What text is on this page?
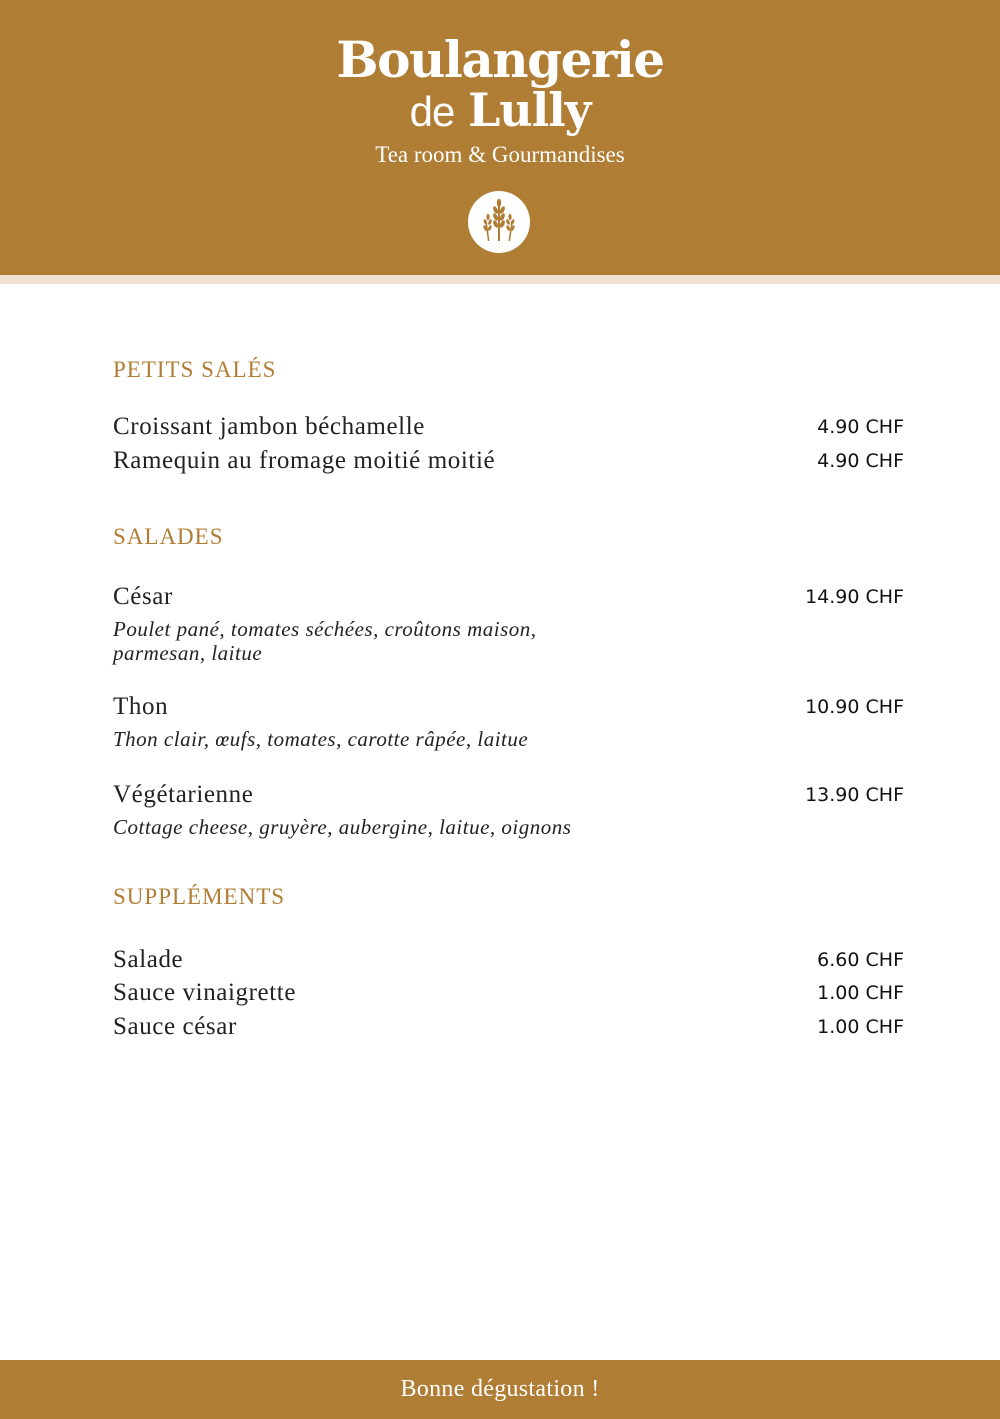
Boulangerie
de Lully
Tea room & Gourmandises
PETITS SALÉS
Croissant jambon béchamelle	4.90 CHF
Ramequin au fromage moitié moitié	4.90 CHF
SALADES
César	14.90 CHF
Poulet pané, tomates séchées, croûtons maison, parmesan, laitue
Thon	10.90 CHF
Thon clair, œufs, tomates, carotte râpée, laitue
Végétarienne	13.90 CHF
Cottage cheese, gruyère, aubergine, laitue, oignons
SUPPLÉMENTS
Salade	6.60 CHF
Sauce vinaigrette	1.00 CHF
Sauce césar	1.00 CHF
Bonne dégustation !
